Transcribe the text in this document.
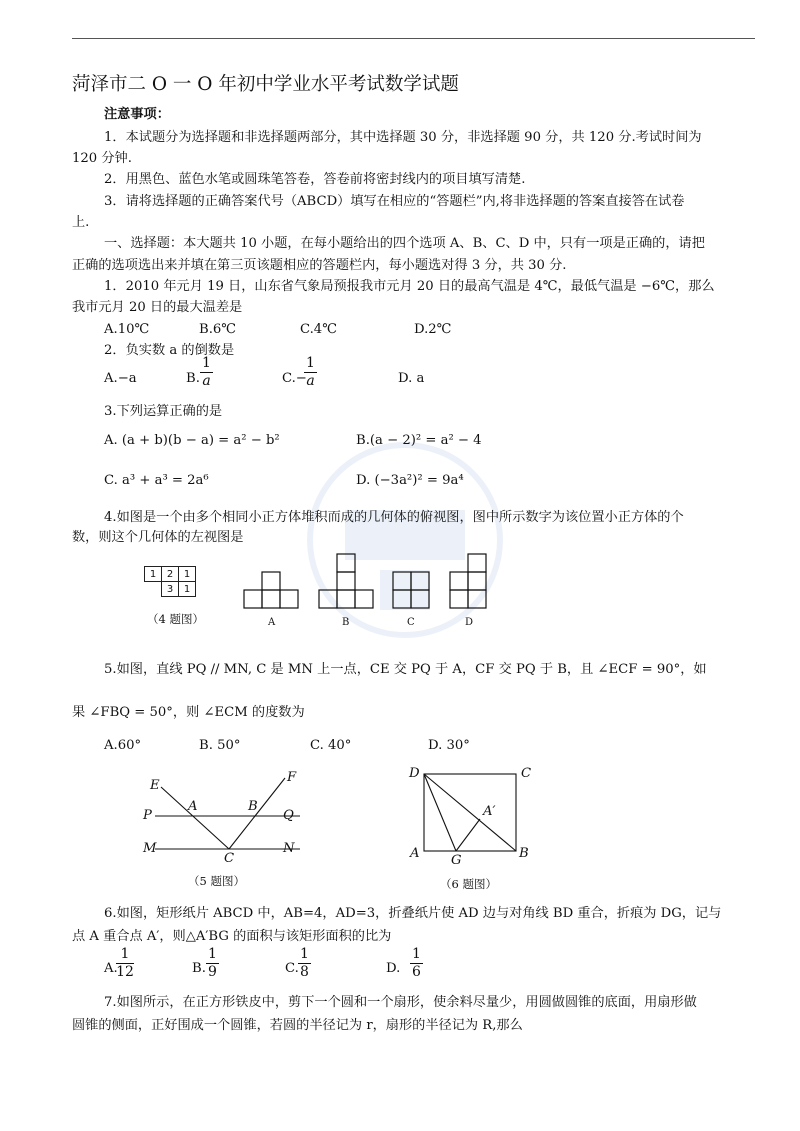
菏泽市二 O 一 O 年初中学业水平考试数学试题
注意事项：
1．本试题分为选择题和非选择题两部分，其中选择题 30 分，非选择题 90 分，共 120 分.考试时间为
120 分钟.
2．用黑色、蓝色水笔或圆珠笔答卷，答卷前将密封线内的项目填写清楚.
3．请将选择题的正确答案代号（ABCD）填写在相应的“答题栏”内,将非选择题的答案直接答在试卷
上.
一、选择题：本大题共 10 小题，在每小题给出的四个选项 A、B、C、D 中，只有一项是正确的，请把
正确的选项选出来并填在第三页该题相应的答题栏内，每小题选对得 3 分，共 30 分.
1．2010 年元月 19 日，山东省气象局预报我市元月 20 日的最高气温是 4℃，最低气温是 −6℃，那么
我市元月 20 日的最大温差是
A.10℃	B.6℃	C.4℃	D.2℃
2．负实数 a 的倒数是
A.−a	B.
1
a	C.−
1
a	D. a
3.下列运算正确的是
A. (a + b)(b − a) = a² − b²	B.(a − 2)² = a² − 4
C. a³ + a³ = 2a⁶	D. (−3a²)² = 9a⁴
4.如图是一个由多个相同小正方体堆积而成的几何体的俯视图，图中所示数字为该位置小正方体的个
数，则这个几何体的左视图是
1	2	1
	3	1
（4 题图）	A	B	C	D
5.如图，直线 PQ // MN, C 是 MN 上一点，CE 交 PQ 于 A，CF 交 PQ 于 B，且 ∠ECF = 90°，如
果 ∠FBQ = 50°，则 ∠ECM 的度数为
A.60°	B. 50°	C. 40°	D. 30°
E
F
P	Q
A	B
M	N
C
（5 题图）
D	C
A′
A G	B
（6 题图）
6.如图，矩形纸片 ABCD 中，AB=4，AD=3，折叠纸片使 AD 边与对角线 BD 重合，折痕为 DG，记与
点 A 重合点 A′，则△A′BG 的面积与该矩形面积的比为
A.
1
12	B.
1
9	C.
1
8	D.
1
6
7.如图所示，在正方形铁皮中，剪下一个圆和一个扇形，使余料尽量少，用圆做圆锥的底面，用扇形做
圆锥的侧面，正好围成一个圆锥，若圆的半径记为 r，扇形的半径记为 R,那么
